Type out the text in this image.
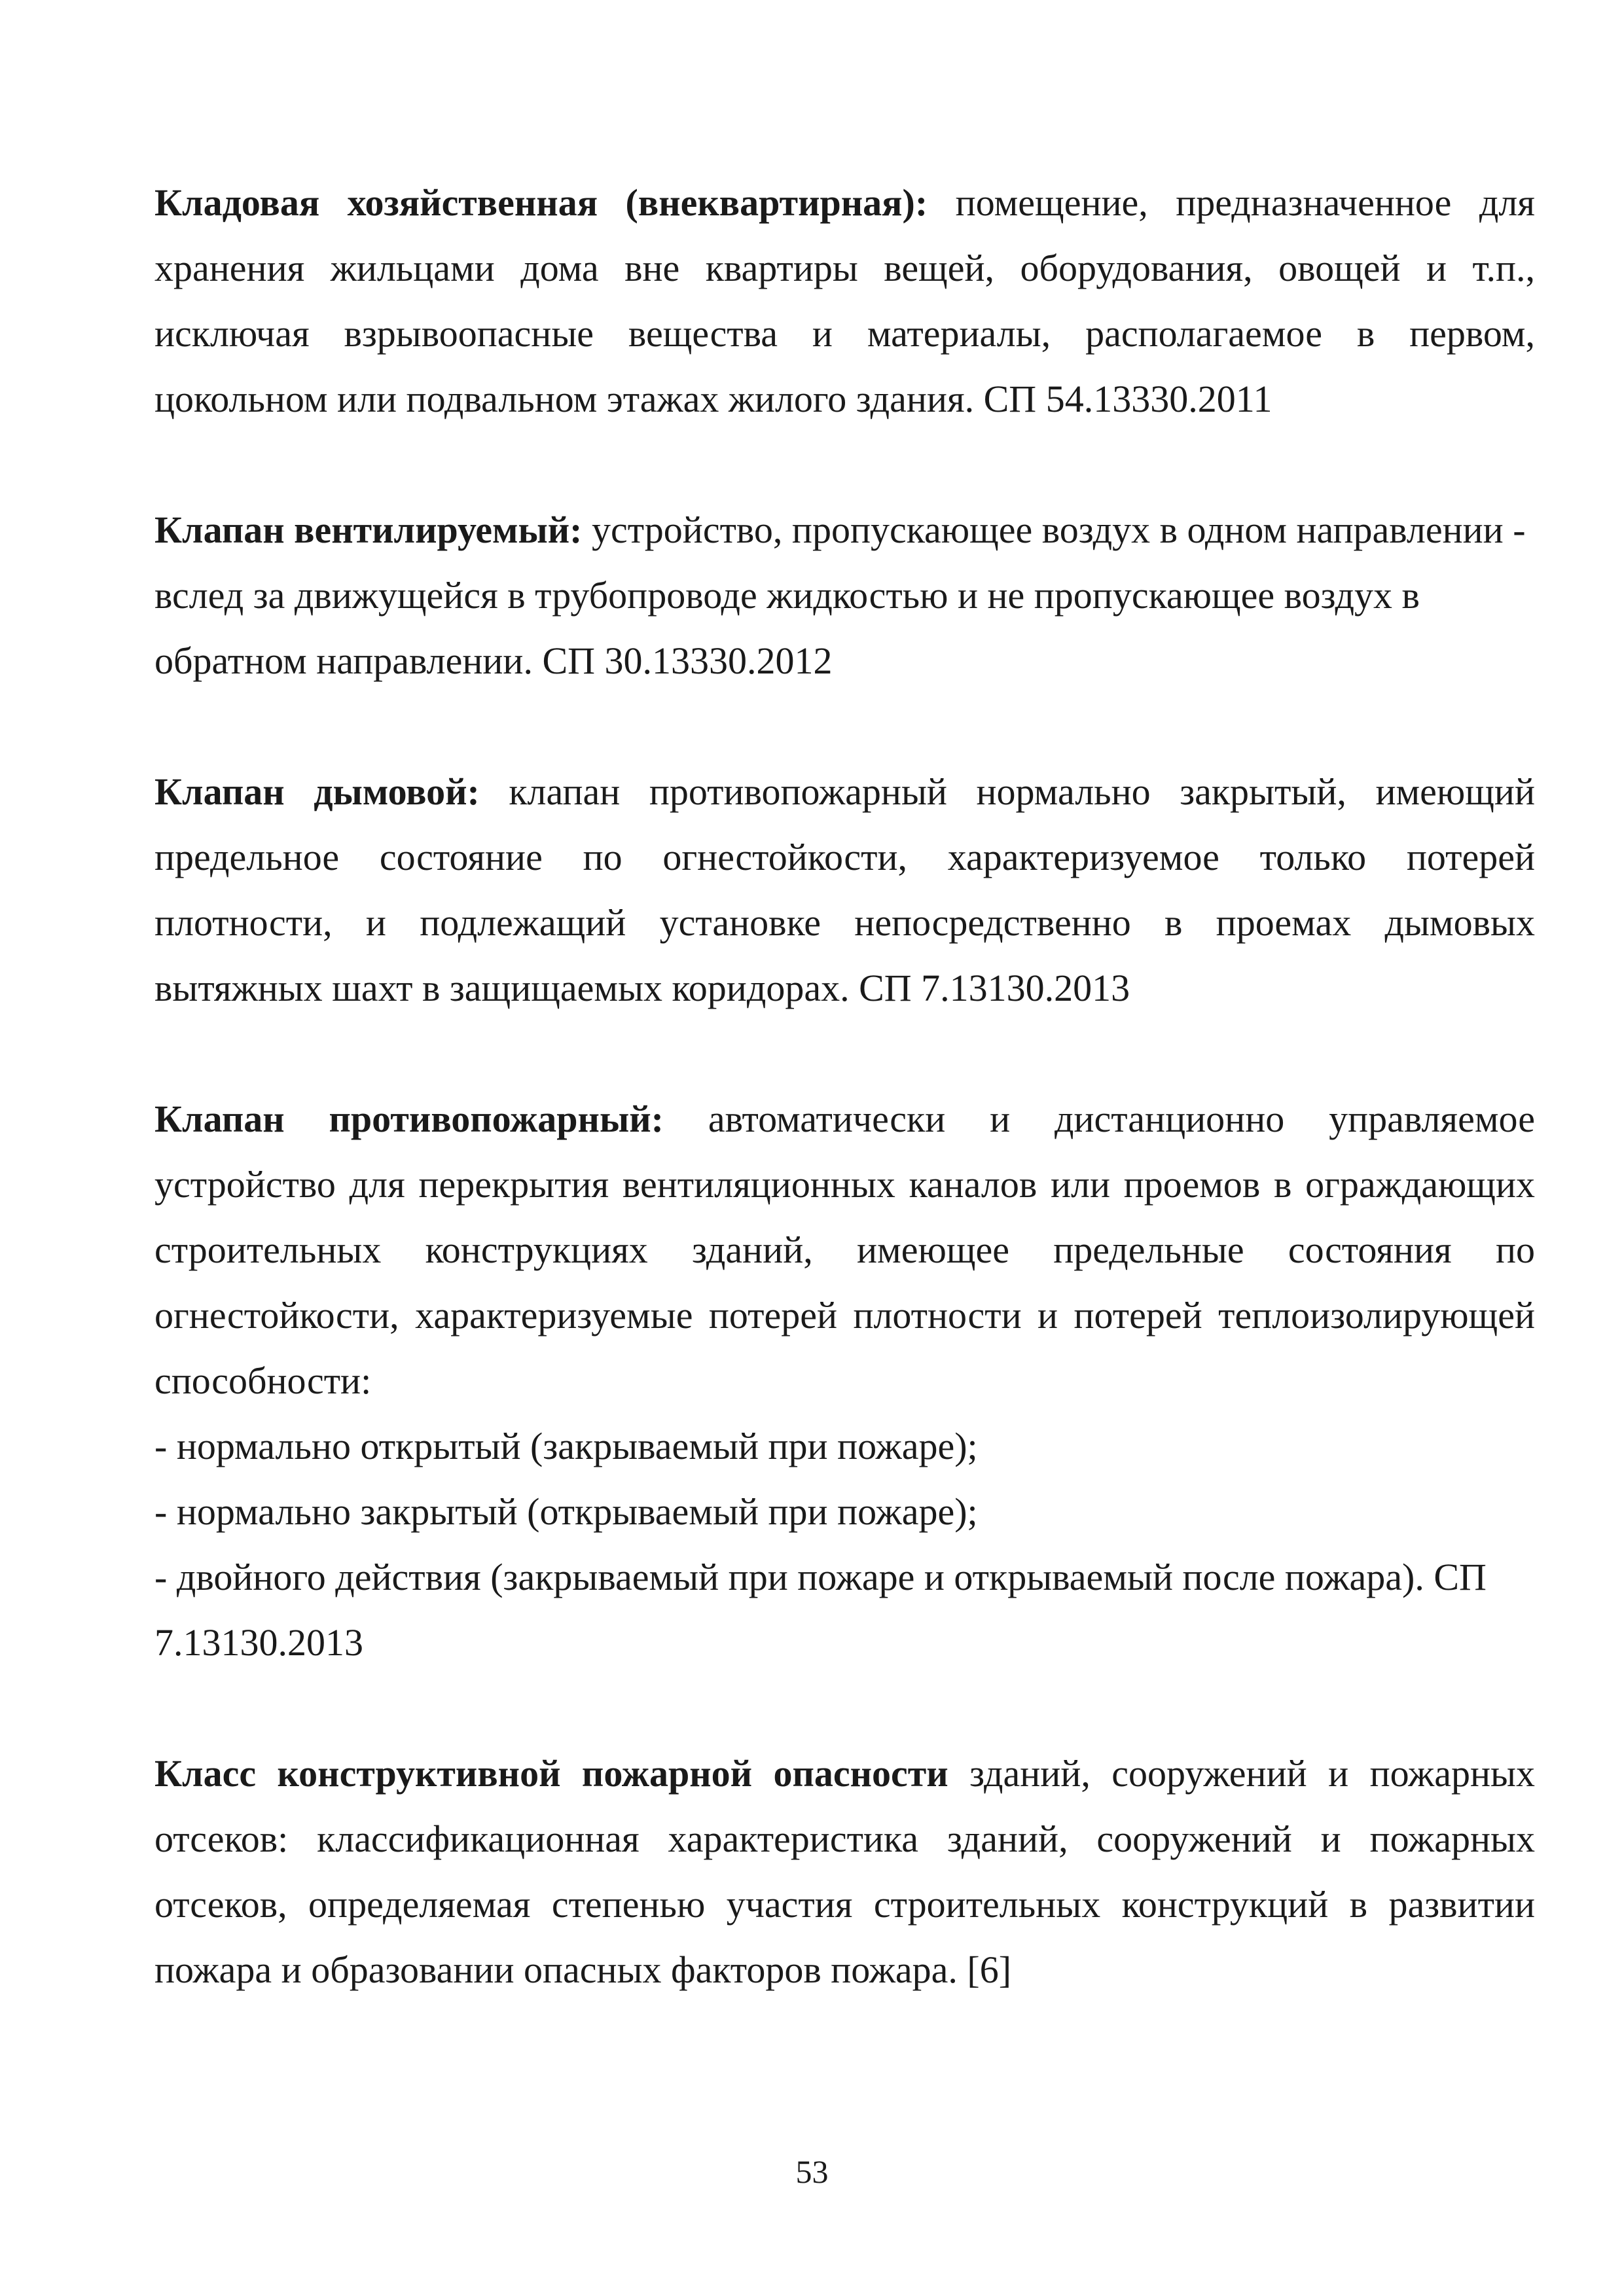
Кладовая хозяйственная (внеквартирная): помещение, предназначенное для хранения жильцами дома вне квартиры вещей, оборудования, овощей и т.п., исключая взрывоопасные вещества и материалы, располагаемое в первом, цокольном или подвальном этажах жилого здания. СП 54.13330.2011

Клапан вентилируемый: устройство, пропускающее воздух в одном направлении - вслед за движущейся в трубопроводе жидкостью и не пропускающее воздух в обратном направлении. СП 30.13330.2012

Клапан дымовой: клапан противопожарный нормально закрытый, имеющий предельное состояние по огнестойкости, характеризуемое только потерей плотности, и подлежащий установке непосредственно в проемах дымовых вытяжных шахт в защищаемых коридорах. СП 7.13130.2013

Клапан противопожарный: автоматически и дистанционно управляемое устройство для перекрытия вентиляционных каналов или проемов в ограждающих строительных конструкциях зданий, имеющее предельные состояния по огнестойкости, характеризуемые потерей плотности и потерей теплоизолирующей способности:

- нормально открытый (закрываемый при пожаре);

- нормально закрытый (открываемый при пожаре);

- двойного действия (закрываемый при пожаре и открываемый после пожара). СП 7.13130.2013

Класс конструктивной пожарной опасности зданий, сооружений и пожарных отсеков: классификационная характеристика зданий, сооружений и пожарных отсеков, определяемая степенью участия строительных конструкций в развитии пожара и образовании опасных факторов пожара. [6]

53
